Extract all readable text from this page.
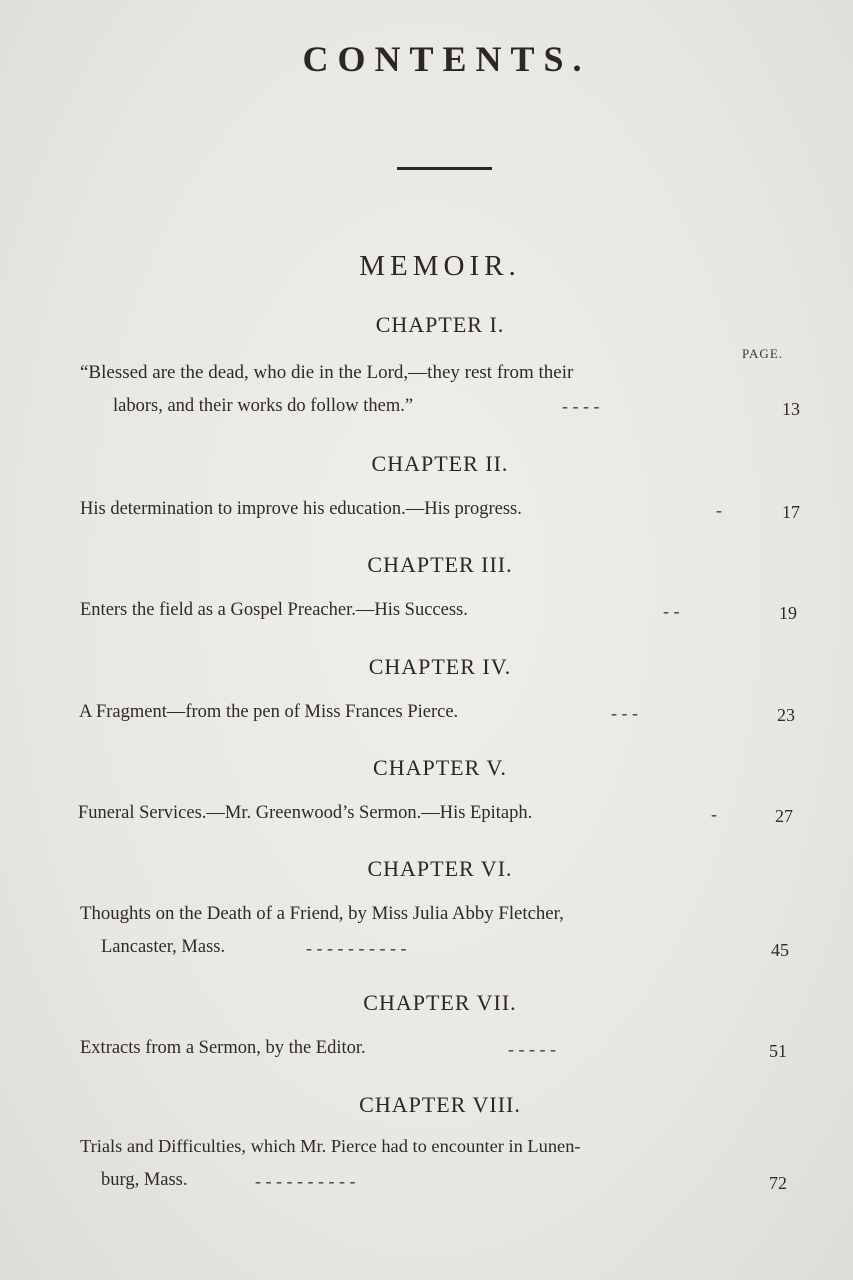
CONTENTS.
MEMOIR.
PAGE.
CHAPTER I.
“Blessed are the dead, who die in the Lord,—they rest from their
labors, and their works do follow them.”	- - - -	13
CHAPTER II.
His determination to improve his education.—His progress.	-	17
CHAPTER III.
Enters the field as a Gospel Preacher.—His Success.	- -	19
CHAPTER IV.
A Fragment—from the pen of Miss Frances Pierce.	- - -	23
CHAPTER V.
Funeral Services.—Mr. Greenwood’s Sermon.—His Epitaph.	-	27
CHAPTER VI.
Thoughts on the Death of a Friend, by Miss Julia Abby Fletcher,
Lancaster, Mass.	- - - - - - - - - -	45
CHAPTER VII.
Extracts from a Sermon, by the Editor.	- - - - -	51
CHAPTER VIII.
Trials and Difficulties, which Mr. Pierce had to encounter in Lunen-
burg, Mass.	- - - - - - - - - -	72
